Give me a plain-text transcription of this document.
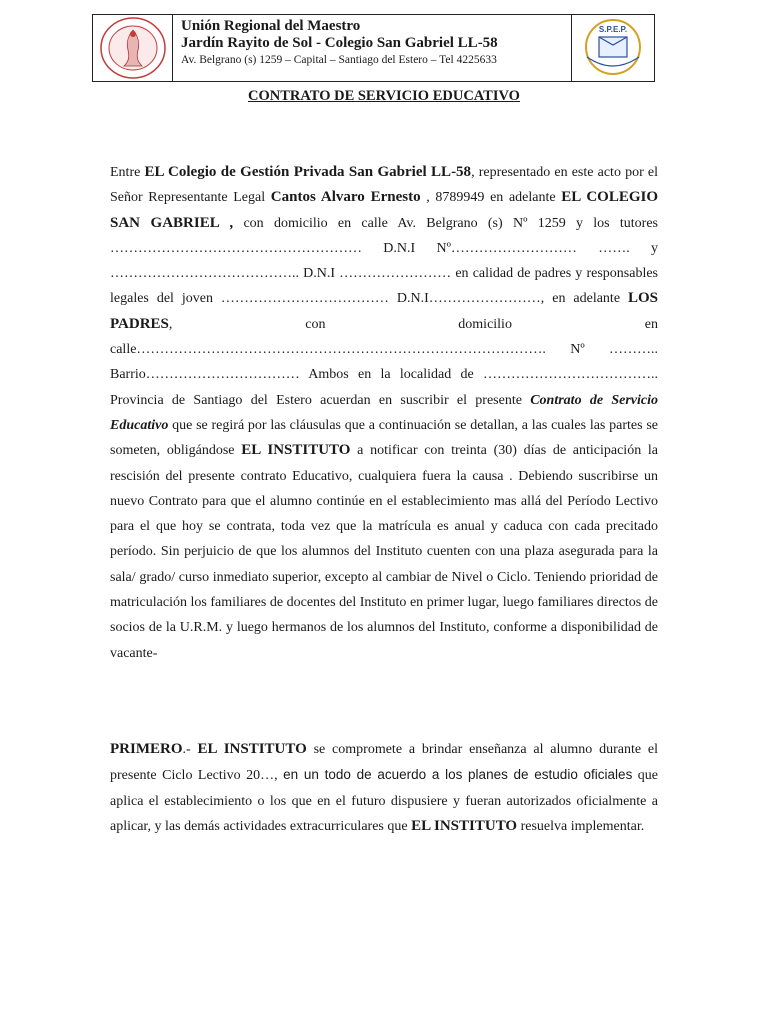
Unión Regional del Maestro
Jardín Rayito de Sol - Colegio San Gabriel LL-58
Av. Belgrano (s) 1259 – Capital – Santiago del Estero – Tel 4225633
S.P.E.P.
CONTRATO DE SERVICIO EDUCATIVO
Entre EL Colegio de Gestión Privada San Gabriel LL-58, representado en este acto por el Señor Representante Legal Cantos Alvaro Ernesto , 8789949 en adelante EL COLEGIO SAN GABRIEL , con domicilio en calle Av. Belgrano (s) Nº 1259 y los tutores ……………………………………………… D.N.I Nº……………………… ……. y ………………………………….. D.N.I …………………… en calidad de padres y responsables legales del joven ……………………………… D.N.I……………………, en adelante LOS PADRES, con domicilio en calle……………………………………………………………………………. Nº ……….. Barrio…………………………… Ambos en la localidad de ……………………………….. Provincia de Santiago del Estero acuerdan en suscribir el presente Contrato de Servicio Educativo que se regirá por las cláusulas que a continuación se detallan, a las cuales las partes se someten, obligándose EL INSTITUTO a notificar con treinta (30) días de anticipación la rescisión del presente contrato Educativo, cualquiera fuera la causa . Debiendo suscribirse un nuevo Contrato para que el alumno continúe en el establecimiento mas allá del Período Lectivo para el que hoy se contrata, toda vez que la matrícula es anual y caduca con cada precitado período. Sin perjuicio de que los alumnos del Instituto cuenten con una plaza asegurada para la sala/ grado/ curso inmediato superior, excepto al cambiar de Nivel o Ciclo. Teniendo prioridad de matriculación los familiares de docentes del Instituto en primer lugar, luego familiares directos de socios de la U.R.M. y luego hermanos de los alumnos del Instituto, conforme a disponibilidad de vacante-
PRIMERO.- EL INSTITUTO se compromete a brindar enseñanza al alumno durante el presente Ciclo Lectivo 20…, en un todo de acuerdo a los planes de estudio oficiales que aplica el establecimiento o los que en el futuro dispusiere y fueran autorizados oficialmente a aplicar, y las demás actividades extracurriculares que EL INSTITUTO resuelva implementar.
